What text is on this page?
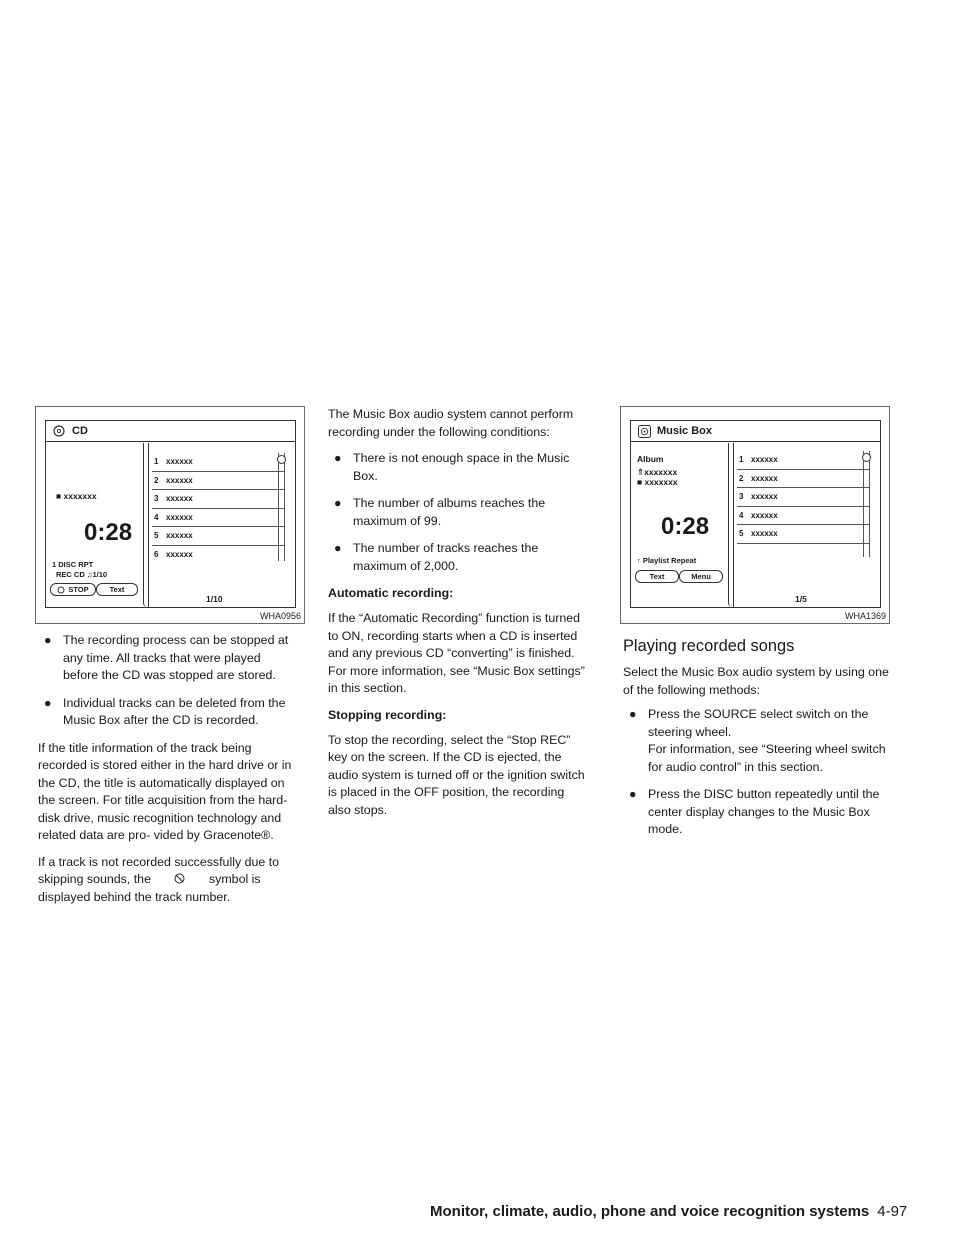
CD
■ xxxxxxx
0:28
1 DISC RPT
REC CD ♫1/10
STOP	Text
1 xxxxxx
2 xxxxxx
3 xxxxxx
4 xxxxxx
5 xxxxxx
6 xxxxxx
1/10
WHA0956
● The recording process can be stopped at any time. All tracks that were played before the CD was stopped are stored.
● Individual tracks can be deleted from the Music Box after the CD is recorded.

If the title information of the track being recorded is stored either in the hard drive or in the CD, the title is automatically displayed on the screen. For title acquisition from the hard-disk drive, music recognition technology and related data are pro- vided by Gracenote®.

If a track is not recorded successfully due to skipping sounds, the	symbol is displayed behind the track number.

The Music Box audio system cannot perform recording under the following conditions:

● There is not enough space in the Music Box.
● The number of albums reaches the maximum of 99.
● The number of tracks reaches the maximum of 2,000.
Automatic recording:

If the “Automatic Recording” function is turned to ON, recording starts when a CD is inserted and any previous CD “converting” is finished. For more information, see “Music Box settings” in this section.

Stopping recording:

To stop the recording, select the “Stop REC” key on the screen. If the CD is ejected, the audio system is turned off or the ignition switch is placed in the OFF position, the recording also stops.

Music Box
Album
⇑xxxxxxx
■ xxxxxxx
0:28
↑ Playlist Repeat
Text	Menu
1 xxxxxx
2 xxxxxx
3 xxxxxx
4 xxxxxx
5 xxxxxx
1/5
WHA1369
Playing recorded songs

Select the Music Box audio system by using one of the following methods:

● Press the SOURCE select switch on the steering wheel.
For information, see “Steering wheel switch for audio control” in this section.
● Press the DISC button repeatedly until the center display changes to the Music Box mode.
Monitor, climate, audio, phone and voice recognition systems 4-97
